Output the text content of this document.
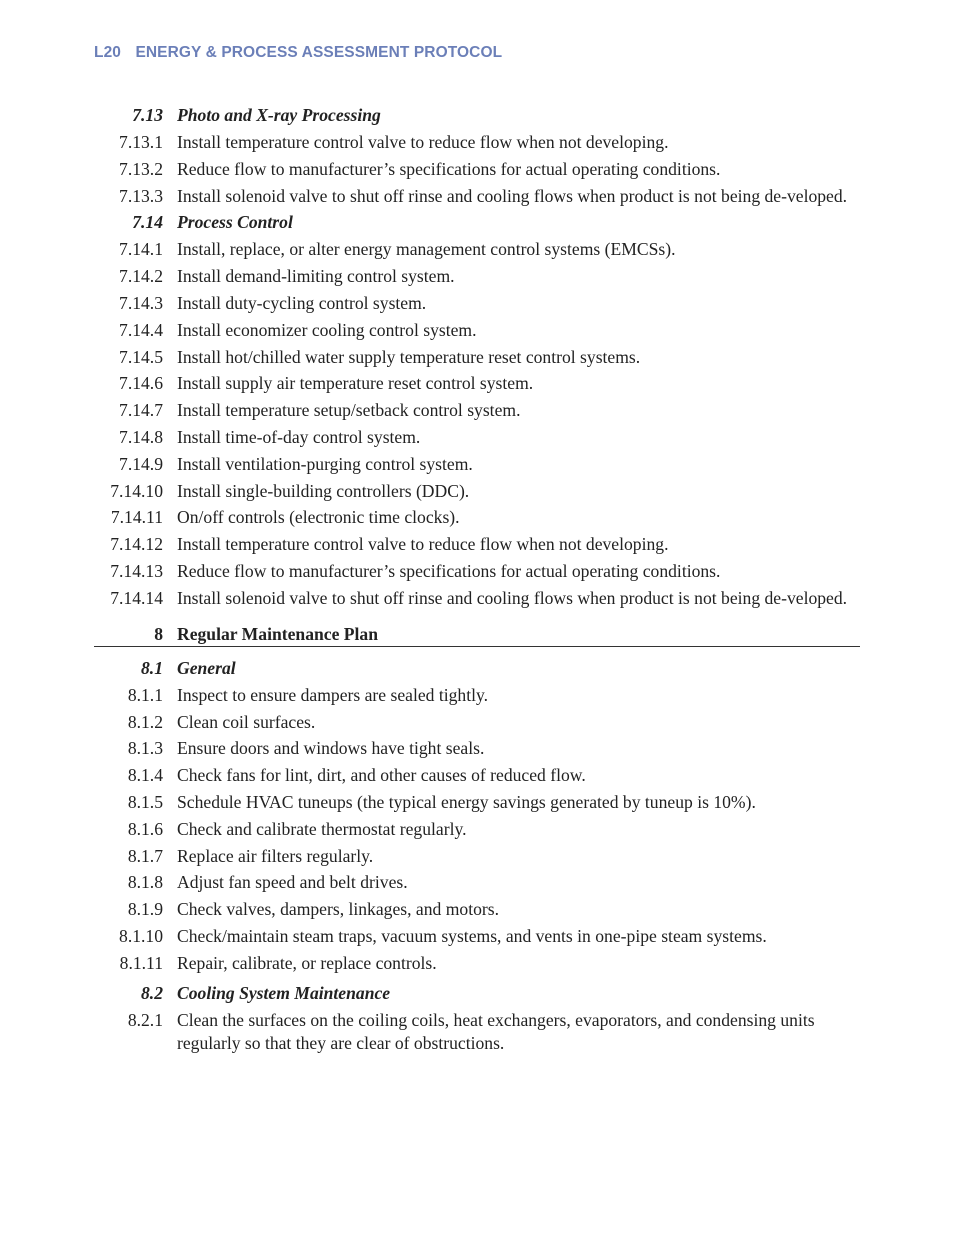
L20 ENERGY & PROCESS ASSESSMENT PROTOCOL
7.13 Photo and X-ray Processing
7.13.1 Install temperature control valve to reduce flow when not developing.
7.13.2 Reduce flow to manufacturer’s specifications for actual operating conditions.
7.13.3 Install solenoid valve to shut off rinse and cooling flows when product is not being de-veloped.
7.14 Process Control
7.14.1 Install, replace, or alter energy management control systems (EMCSs).
7.14.2 Install demand-limiting control system.
7.14.3 Install duty-cycling control system.
7.14.4 Install economizer cooling control system.
7.14.5 Install hot/chilled water supply temperature reset control systems.
7.14.6 Install supply air temperature reset control system.
7.14.7 Install temperature setup/setback control system.
7.14.8 Install time-of-day control system.
7.14.9 Install ventilation-purging control system.
7.14.10 Install single-building controllers (DDC).
7.14.11 On/off controls (electronic time clocks).
7.14.12 Install temperature control valve to reduce flow when not developing.
7.14.13 Reduce flow to manufacturer’s specifications for actual operating conditions.
7.14.14 Install solenoid valve to shut off rinse and cooling flows when product is not being de-veloped.
8 Regular Maintenance Plan
8.1 General
8.1.1 Inspect to ensure dampers are sealed tightly.
8.1.2 Clean coil surfaces.
8.1.3 Ensure doors and windows have tight seals.
8.1.4 Check fans for lint, dirt, and other causes of reduced flow.
8.1.5 Schedule HVAC tuneups (the typical energy savings generated by tuneup is 10%).
8.1.6 Check and calibrate thermostat regularly.
8.1.7 Replace air filters regularly.
8.1.8 Adjust fan speed and belt drives.
8.1.9 Check valves, dampers, linkages, and motors.
8.1.10 Check/maintain steam traps, vacuum systems, and vents in one-pipe steam systems.
8.1.11 Repair, calibrate, or replace controls.
8.2 Cooling System Maintenance
8.2.1 Clean the surfaces on the coiling coils, heat exchangers, evaporators, and condensing units regularly so that they are clear of obstructions.
